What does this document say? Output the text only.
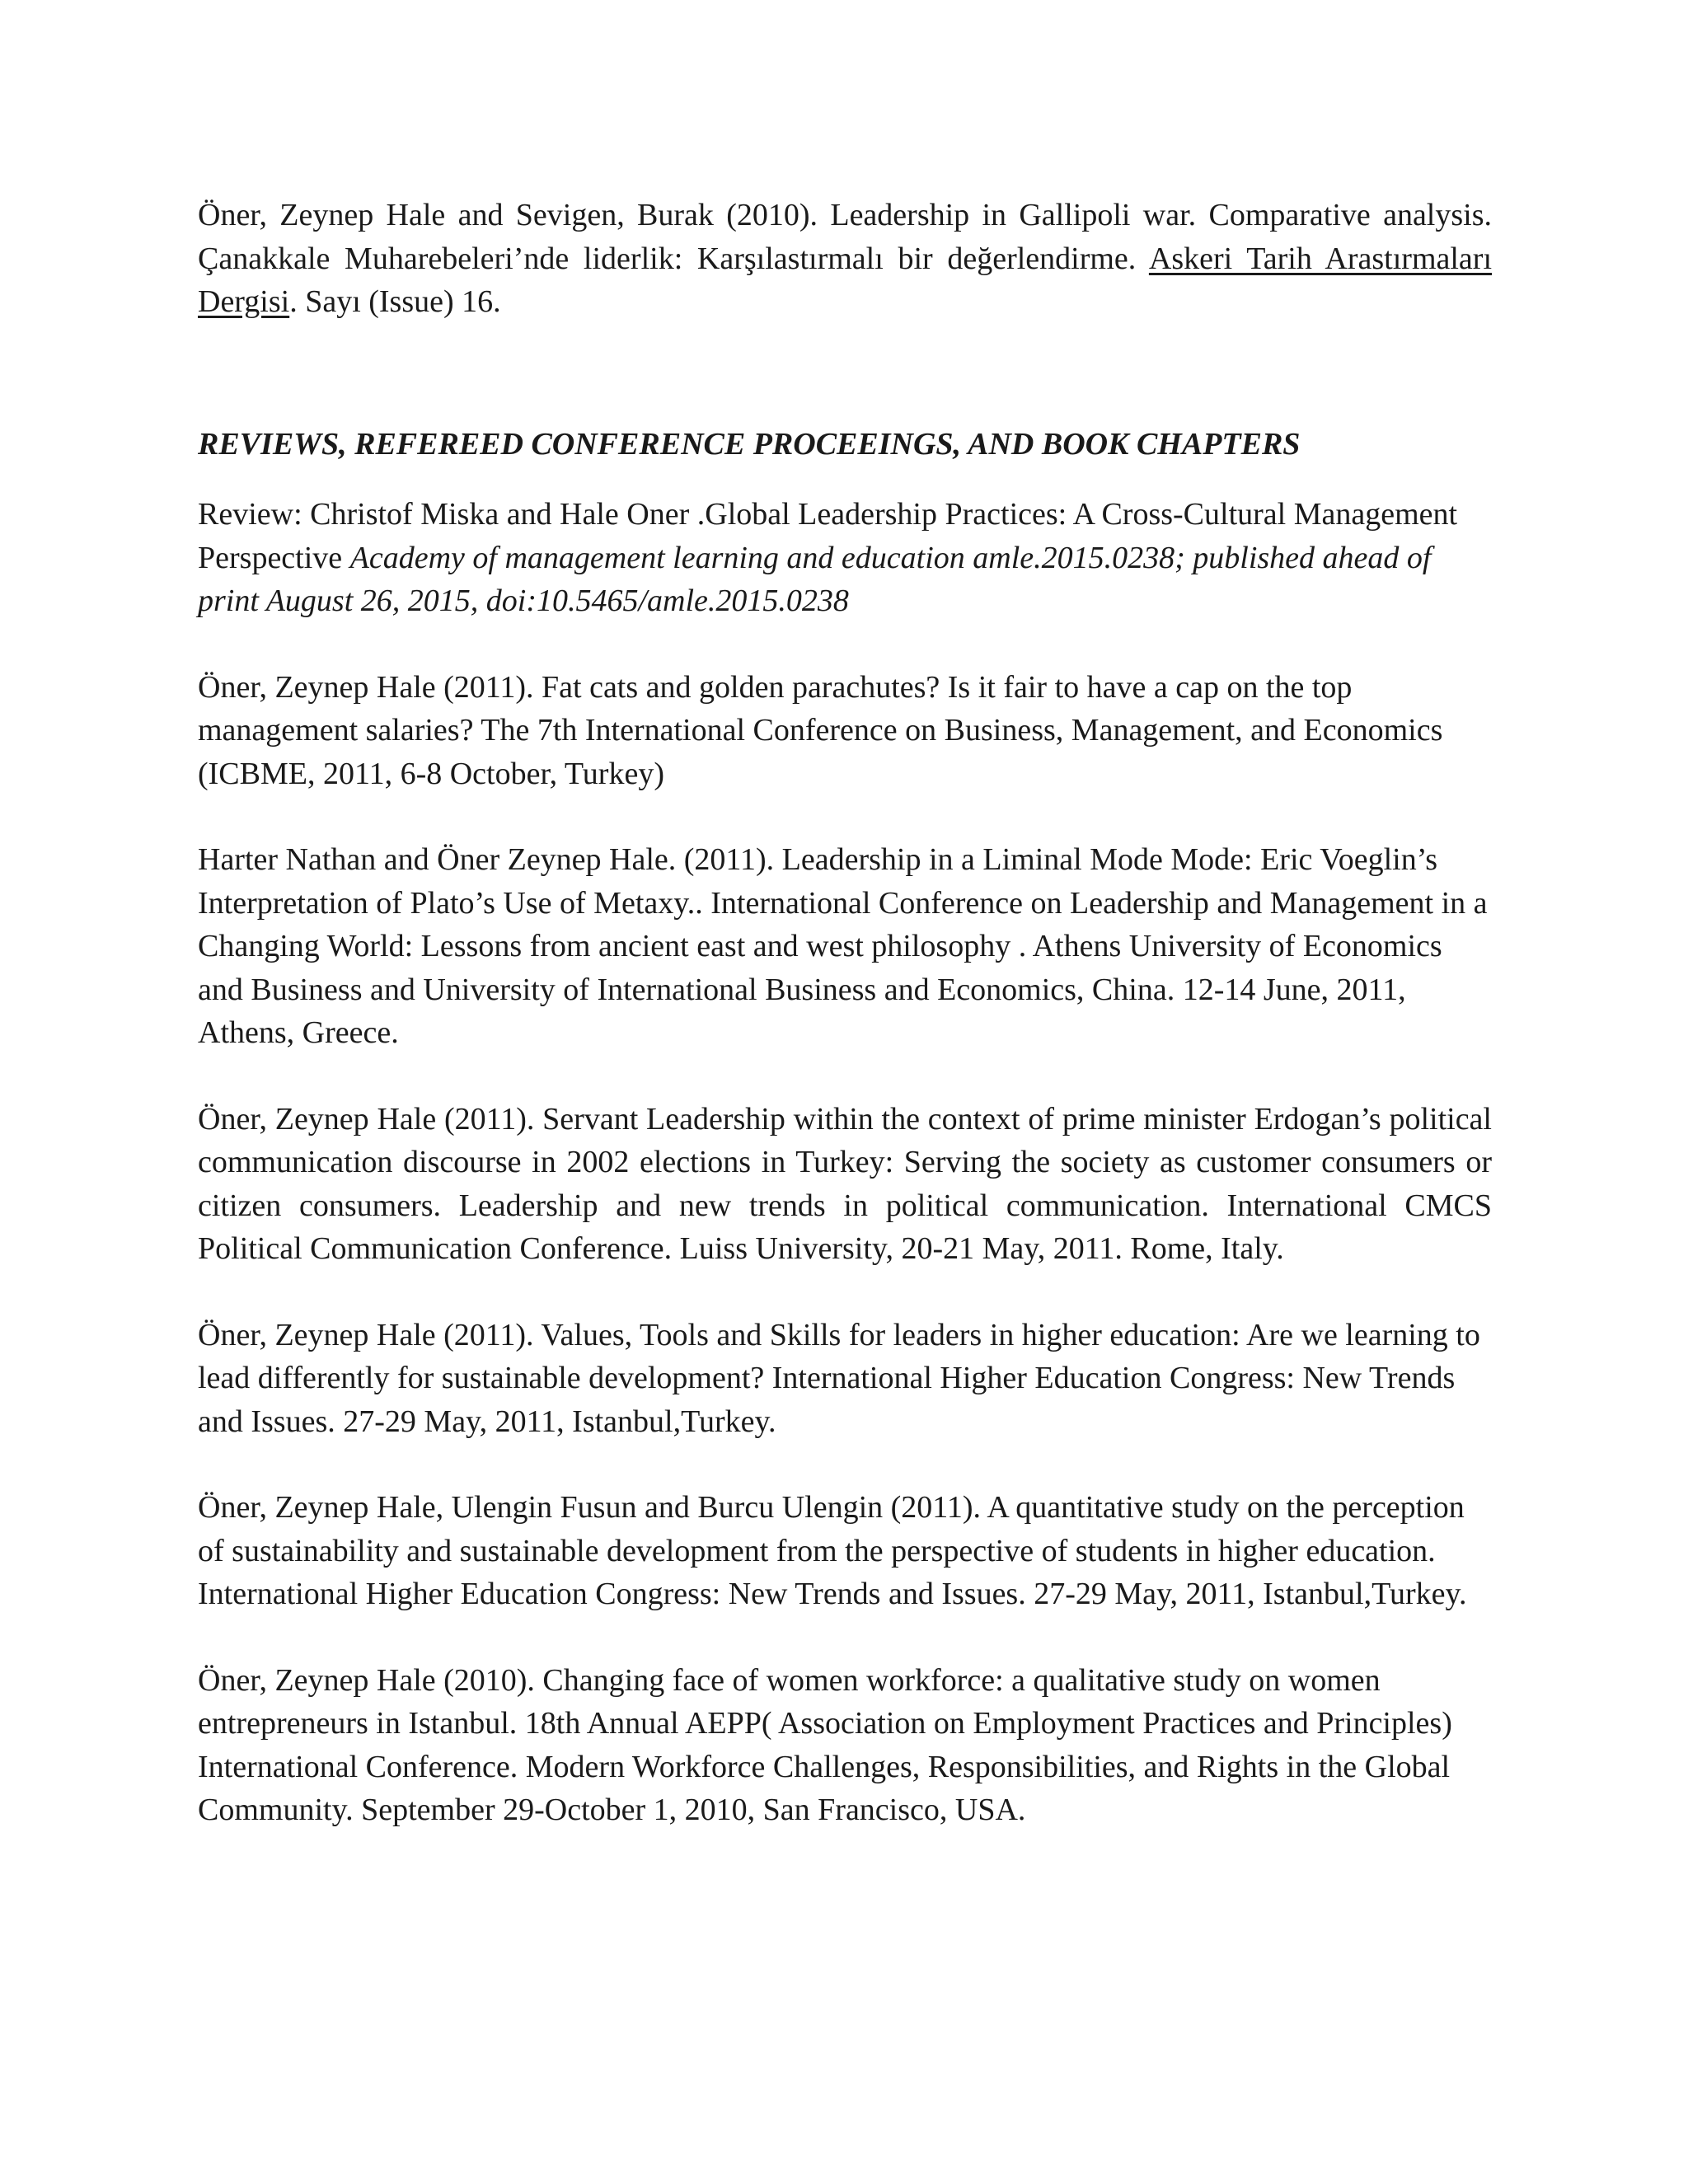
Öner, Zeynep Hale and Sevigen, Burak (2010). Leadership in Gallipoli war. Comparative analysis. Çanakkale Muharebeleri’nde liderlik: Karşılastırmalı bir değerlendirme. Askeri Tarih Arastırmaları Dergisi. Sayı (Issue) 16.

REVIEWS, REFEREED CONFERENCE PROCEEINGS, AND BOOK CHAPTERS

Review: Christof Miska and Hale Oner .Global Leadership Practices: A Cross-Cultural Management Perspective Academy of management learning and education amle.2015.0238; published ahead of print August 26, 2015, doi:10.5465/amle.2015.0238

Öner, Zeynep Hale (2011). Fat cats and golden parachutes? Is it fair to have a cap on the top management salaries? The 7th International Conference on Business, Management, and Economics (ICBME, 2011, 6-8 October, Turkey)

Harter Nathan and Öner Zeynep Hale. (2011). Leadership in a Liminal Mode Mode: Eric Voeglin’s Interpretation of Plato’s Use of Metaxy.. International Conference on Leadership and Management in a Changing World: Lessons from ancient east and west philosophy . Athens University of Economics and Business and University of International Business and Economics, China. 12-14 June, 2011, Athens, Greece.

Öner, Zeynep Hale (2011). Servant Leadership within the context of prime minister Erdogan’s political communication discourse in 2002 elections in Turkey: Serving the society as customer consumers or citizen consumers. Leadership and new trends in political communication. International CMCS Political Communication Conference. Luiss University, 20-21 May, 2011. Rome, Italy.

Öner, Zeynep Hale (2011). Values, Tools and Skills for leaders in higher education: Are we learning to lead differently for sustainable development? International Higher Education Congress: New Trends and Issues. 27-29 May, 2011, Istanbul,Turkey.

Öner, Zeynep Hale, Ulengin Fusun and Burcu Ulengin (2011). A quantitative study on the perception of sustainability and sustainable development from the perspective of students in higher education. International Higher Education Congress: New Trends and Issues. 27-29 May, 2011, Istanbul,Turkey.

Öner, Zeynep Hale (2010). Changing face of women workforce: a qualitative study on women entrepreneurs in Istanbul. 18th Annual AEPP( Association on Employment Practices and Principles) International Conference. Modern Workforce Challenges, Responsibilities, and Rights in the Global Community. September 29-October 1, 2010, San Francisco, USA.
